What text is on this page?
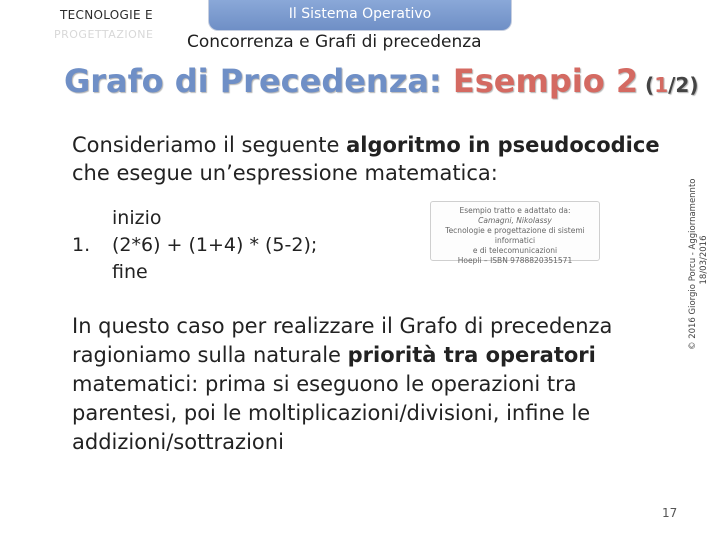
TECNOLOGIE E
PROGETTAZIONE
Il Sistema Operativo
Concorrenza e Grafi di precedenza
Grafo di Precedenza: Esempio 2 (1/2)
Consideriamo il seguente algoritmo in pseudocodice che esegue un’espressione matematica:
inizio
1. (2*6) + (1+4) * (5-2);
fine
Esempio tratto e adattato da:
Camagni, Nikolassy
Tecnologie e progettazione di sistemi informatici
e di telecomunicazioni
Hoepli – ISBN 9788820351571
In questo caso per realizzare il Grafo di precedenza ragioniamo sulla naturale priorità tra operatori matematici: prima si eseguono le operazioni tra parentesi, poi le moltiplicazioni/divisioni, infine le addizioni/sottrazioni
© 2016 Giorgio Porcu - Aggiornamennto 18/03/2016
17
